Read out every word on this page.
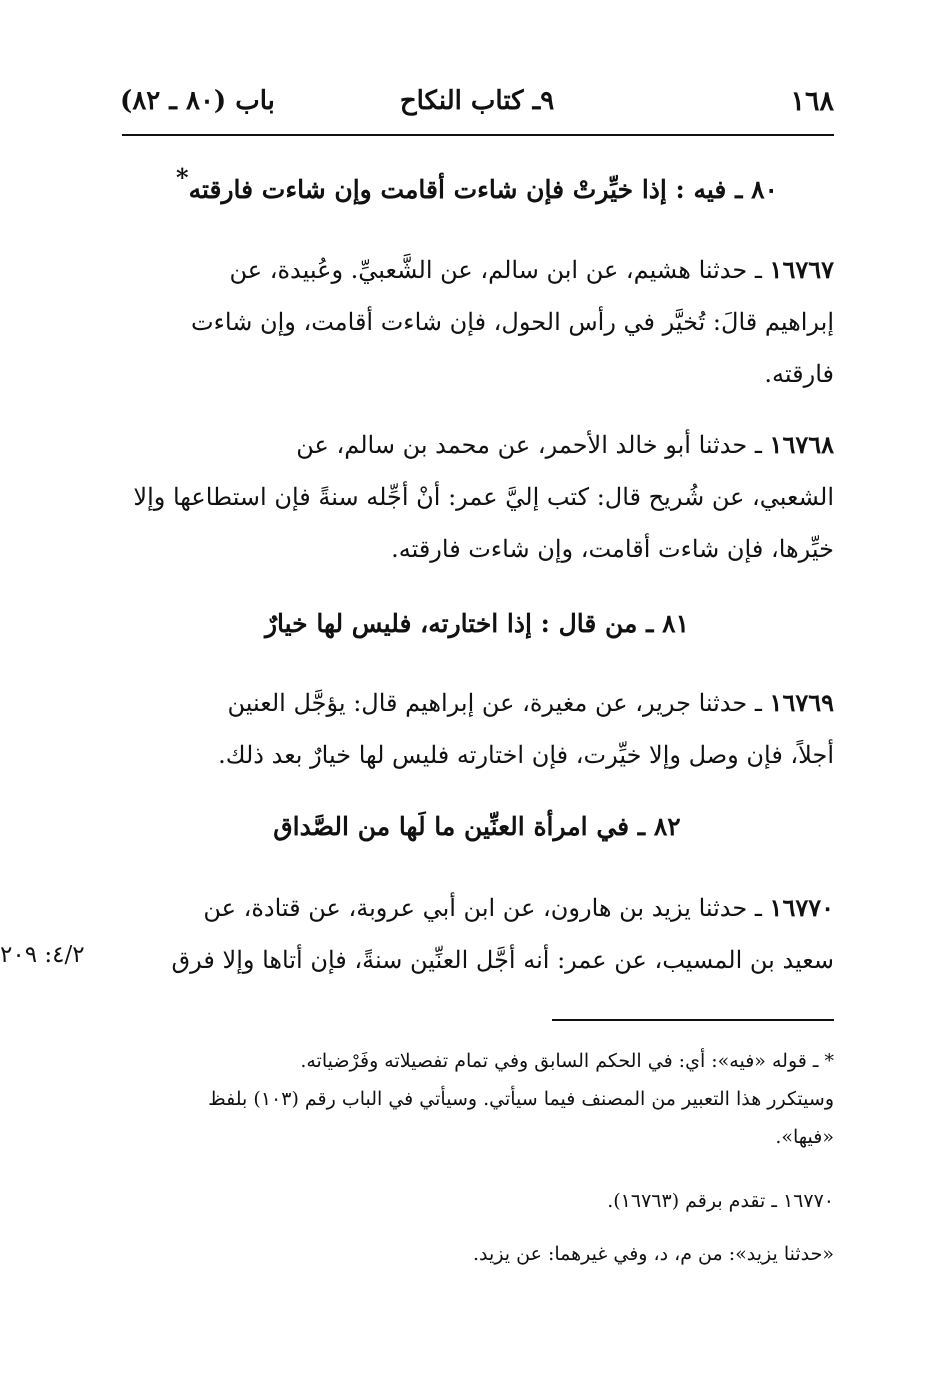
١٦٨
٩ـ كتاب النكاح
باب (٨٠ ـ ٨٢)
٨٠ ـ فيه : إذا خيِّرتْ فإن شاءت أقامت وإن شاءت فارقته*
١٦٧٦٧ ـ حدثنا هشيم، عن ابن سالم، عن الشَّعبيِّ. وعُبيدة، عن
إبراهيم قالَ: تُخيَّر في رأس الحول، فإن شاءت أقامت، وإن شاءت
فارقته.
١٦٧٦٨ ـ حدثنا أبو خالد الأحمر، عن محمد بن سالم، عن
الشعبي، عن شُريح قال: كتب إليَّ عمر: أنْ أجِّله سنةً فإن استطاعها وإلا
خيِّرها، فإن شاءت أقامت، وإن شاءت فارقته.
٨١ ـ من قال : إذا اختارته، فليس لها خيارٌ
١٦٧٦٩ ـ حدثنا جرير، عن مغيرة، عن إبراهيم قال: يؤجَّل العنين
أجلاً، فإن وصل وإلا خيِّرت، فإن اختارته فليس لها خيارٌ بعد ذلك.
٨٢ ـ في امرأة العنِّين ما لَها من الصَّداق
١٦٧٧٠ ـ حدثنا يزيد بن هارون، عن ابن أبي عروبة، عن قتادة، عن
سعيد بن المسيب، عن عمر: أنه أجَّل العنِّين سنةً، فإن أتاها وإلا فرق
٤/٢: ٢٠٩
* ـ قوله «فيه»: أي: في الحكم السابق وفي تمام تفصيلاته وفَرْضياته.
وسيتكرر هذا التعبير من المصنف فيما سيأتي. وسيأتي في الباب رقم (١٠٣) بلفظ
«فيها».
١٦٧٧٠ ـ تقدم برقم (١٦٧٦٣).
«حدثنا يزيد»: من م، د، وفي غيرهما: عن يزيد.
